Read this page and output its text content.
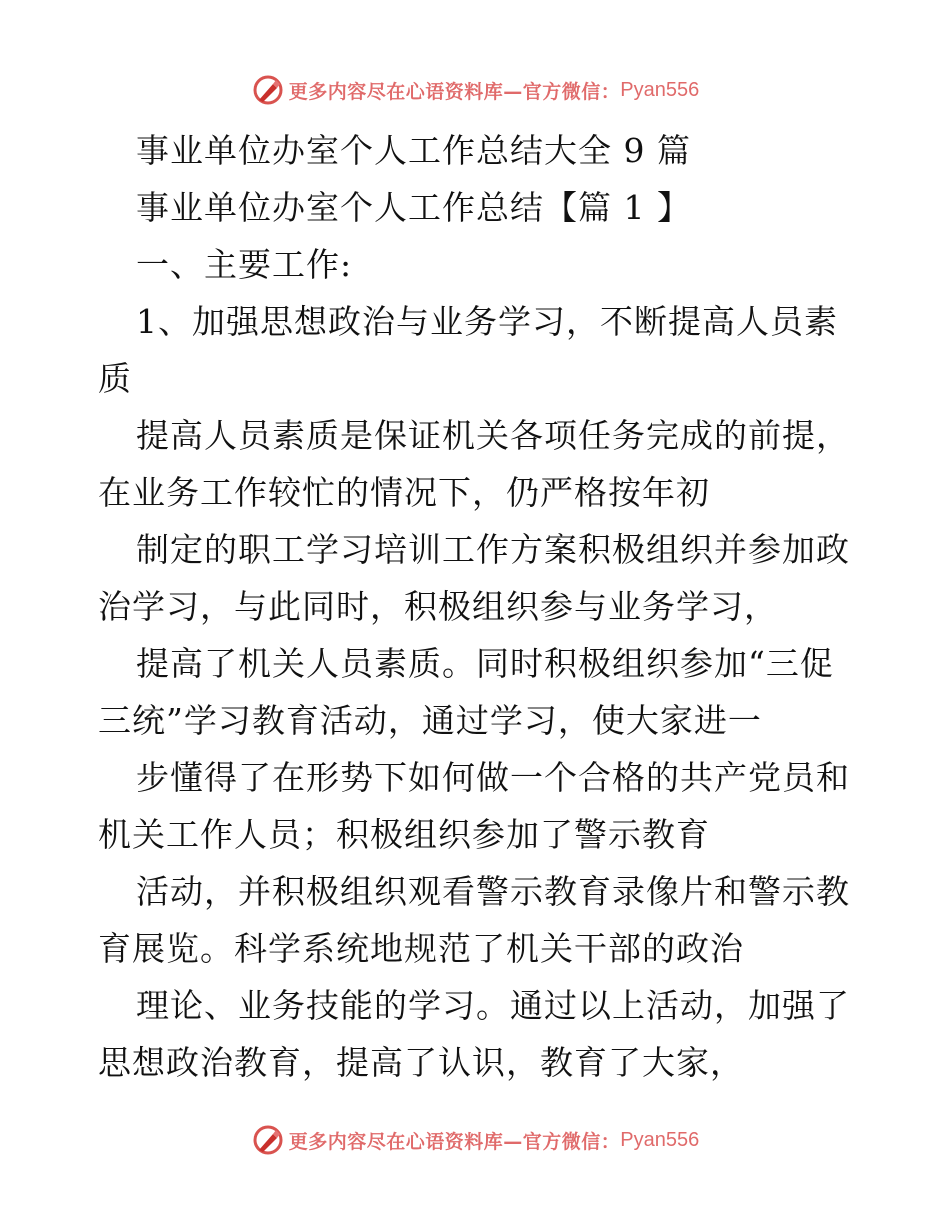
更多内容尽在心语资料库—官方微信： Pyan556
事业单位办室个人工作总结大全 9 篇
事业单位办室个人工作总结【篇 1 】
一、主要工作:
1、加强思想政治与业务学习，不断提高人员素
质
提高人员素质是保证机关各项任务完成的前提，
在业务工作较忙的情况下，仍严格按年初
制定的职工学习培训工作方案积极组织并参加政
治学习，与此同时，积极组织参与业务学习，
提高了机关人员素质。同时积极组织参加“三促
三统”学习教育活动，通过学习，使大家进一
步懂得了在形势下如何做一个合格的共产党员和
机关工作人员；积极组织参加了警示教育
活动，并积极组织观看警示教育录像片和警示教
育展览。科学系统地规范了机关干部的政治
理论、业务技能的学习。通过以上活动，加强了
思想政治教育，提高了认识，教育了大家，
更多内容尽在心语资料库—官方微信： Pyan556
